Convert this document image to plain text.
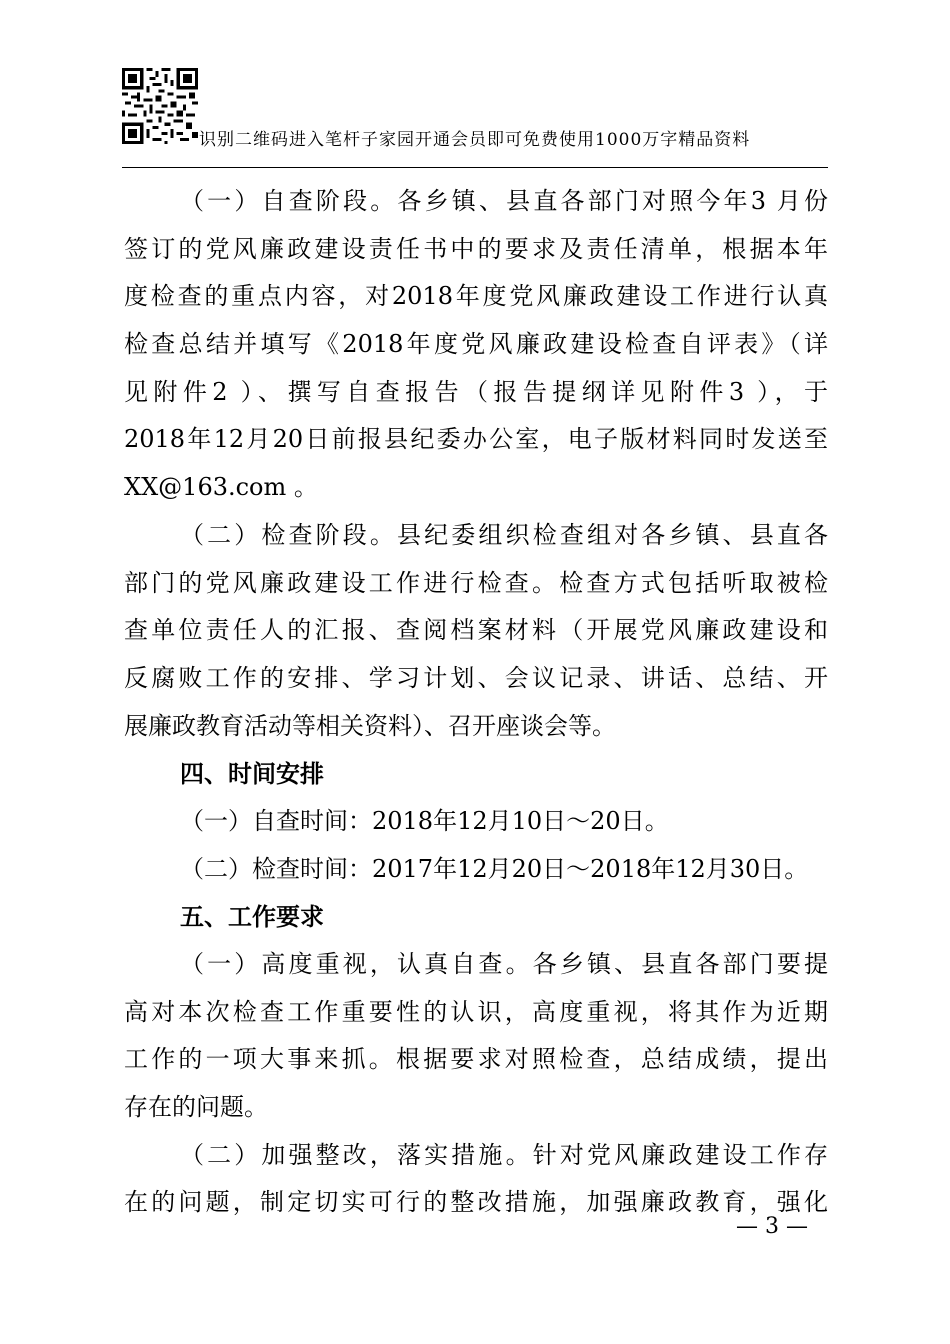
识别二维码进入笔杆子家园开通会员即可免费使用1000万字精品资料
（一）自查阶段。各乡镇、县直各部门对照今年3 月份
签订的党风廉政建设责任书中的要求及责任清单，根据本年
度检查的重点内容，对2018年度党风廉政建设工作进行认真
检查总结并填写《2018年度党风廉政建设检查自评表》（详
见附件2 ）、撰写自查报告（报告提纲详见附件3 ），于
2018年12月20日前报县纪委办公室，电子版材料同时发送至
XX@163.com 。
（二）检查阶段。县纪委组织检查组对各乡镇、县直各
部门的党风廉政建设工作进行检查。检查方式包括听取被检
查单位责任人的汇报、查阅档案材料（开展党风廉政建设和
反腐败工作的安排、学习计划、会议记录、讲话、总结、开
展廉政教育活动等相关资料）、召开座谈会等。
四、时间安排
（一）自查时间：2018年12月10日～20日。
（二）检查时间：2017年12月20日～2018年12月30日。
五、工作要求
（一）高度重视，认真自查。各乡镇、县直各部门要提
高对本次检查工作重要性的认识，高度重视，将其作为近期
工作的一项大事来抓。根据要求对照检查，总结成绩，提出
存在的问题。
（二）加强整改，落实措施。针对党风廉政建设工作存
在的问题，制定切实可行的整改措施，加强廉政教育，强化
— 3 —
